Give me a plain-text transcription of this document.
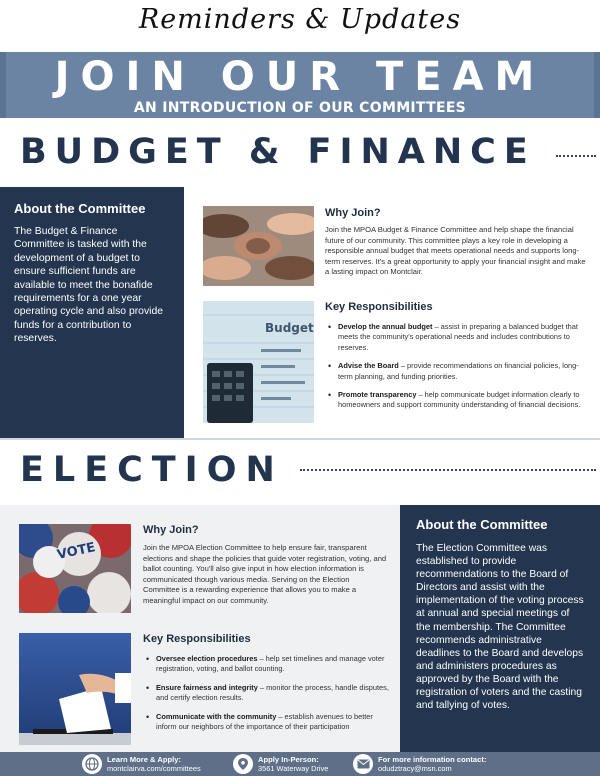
Reminders & Updates
JOIN OUR TEAM
AN INTRODUCTION OF OUR COMMITTEES
BUDGET & FINANCE
About the Committee
The Budget & Finance Committee is tasked with the development of a budget to ensure sufficient funds are available to meet the bonafide requirements for a one year operating cycle and also provide funds for a contribution to reserves.
Why Join?
Join the MPOA Budget & Finance Committee and help shape the financial future of our community. This committee plays a key role in developing a responsible annual budget that meets operational needs and supports long-term reserves. It's a great opportunity to apply your financial insight and make a lasting impact on Montclair.
Budget
Key Responsibilities
• Develop the annual budget – assist in preparing a balanced budget that meets the community's operational needs and includes contributions to reserves.
• Advise the Board – provide recommendations on financial policies, long-term planning, and funding priorities.
• Promote transparency – help communicate budget information clearly to homeowners and support community understanding of financial decisions.
ELECTION
VOTE
Why Join?
Join the MPOA Election Committee to help ensure fair, transparent elections and shape the policies that guide voter registration, voting, and ballot counting. You'll also give input in how election information is communicated though various media. Serving on the Election Committee is a rewarding experience that allows you to make a meaningful impact on our community.
Key Responsibilities
• Oversee election procedures – help set timelines and manage voter registration, voting, and ballot counting.
• Ensure fairness and integrity – monitor the process, handle disputes, and certify election results.
• Communicate with the community – establish avenues to better inform our neighbors of the importance of their participation
About the Committee
The Election Committee was established to provide recommendations to the Board of Directors and assist with the implementation of the voting process at annual and special meetings of the membership. The Committee recommends administrative deadlines to the Board and develops and administers procedures as approved by the Board with the registration of voters and the casting and tallying of votes.
Learn More & Apply:
montclairva.com/committees
Apply In-Person:
3561 Waterway Drive
For more information contact:
odudztracy@msn.com
